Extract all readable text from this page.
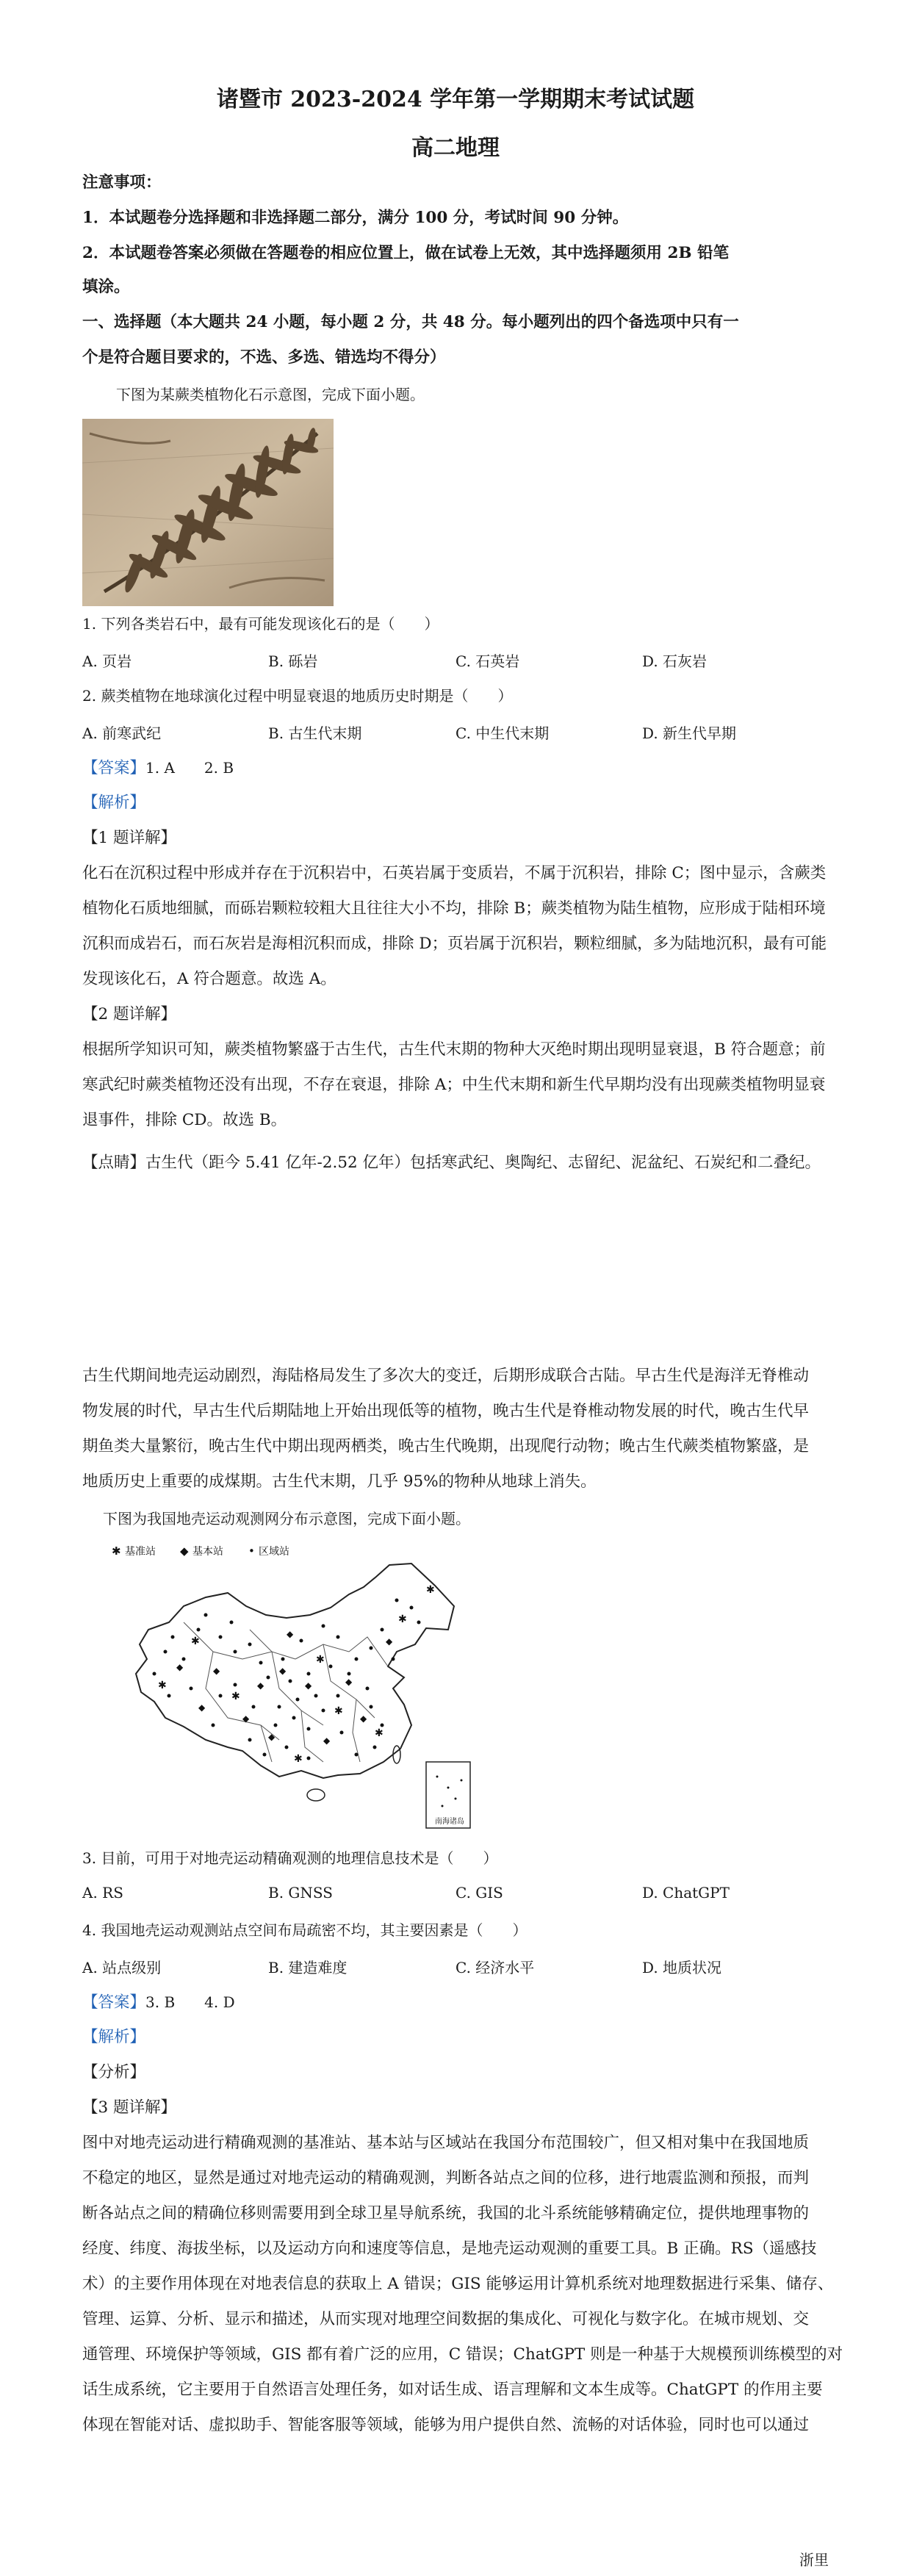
诸暨市 2023-2024 学年第一学期期末考试试题
高二地理
注意事项：
1．本试题卷分选择题和非选择题二部分，满分 100 分，考试时间 90 分钟。
2．本试题卷答案必须做在答题卷的相应位置上，做在试卷上无效，其中选择题须用 2B 铅笔
填涂。
一、选择题（本大题共 24 小题，每小题 2 分，共 48 分。每小题列出的四个备选项中只有一
个是符合题目要求的，不选、多选、错选均不得分）
下图为某蕨类植物化石示意图，完成下面小题。
1. 下列各类岩石中，最有可能发现该化石的是（　　）
A. 页岩	B. 砾岩	C. 石英岩	D. 石灰岩
2. 蕨类植物在地球演化过程中明显衰退的地质历史时期是（　　）
A. 前寒武纪	B. 古生代末期	C. 中生代末期	D. 新生代早期
【答案】1. A　　2. B
【解析】
【1 题详解】
化石在沉积过程中形成并存在于沉积岩中，石英岩属于变质岩，不属于沉积岩，排除 C；图中显示，含蕨类
植物化石质地细腻，而砾岩颗粒较粗大且往往大小不均，排除 B；蕨类植物为陆生植物，应形成于陆相环境
沉积而成岩石，而石灰岩是海相沉积而成，排除 D；页岩属于沉积岩，颗粒细腻，多为陆地沉积，最有可能
发现该化石，A 符合题意。故选 A。
【2 题详解】
根据所学知识可知，蕨类植物繁盛于古生代，古生代末期的物种大灭绝时期出现明显衰退，B 符合题意；前
寒武纪时蕨类植物还没有出现，不存在衰退，排除 A；中生代末期和新生代早期均没有出现蕨类植物明显衰
退事件，排除 CD。故选 B。
【点睛】古生代（距今 5.41 亿年-2.52 亿年）包括寒武纪、奥陶纪、志留纪、泥盆纪、石炭纪和二叠纪。
古生代期间地壳运动剧烈，海陆格局发生了多次大的变迁，后期形成联合古陆。早古生代是海洋无脊椎动
物发展的时代，早古生代后期陆地上开始出现低等的植物，晚古生代是脊椎动物发展的时代，晚古生代早
期鱼类大量繁衍，晚古生代中期出现两栖类，晚古生代晚期，出现爬行动物；晚古生代蕨类植物繁盛，是
地质历史上重要的成煤期。古生代末期，几乎 95%的物种从地球上消失。
下图为我国地壳运动观测网分布示意图，完成下面小题。
✱ 基准站 ◆ 基本站 • 区域站
✱
✱
✱
✱
✱
✱
✱
✱
✱
◆	◆
◆
◆
◆	◆
◆
◆
◆
◆
◆
◆
◆
南海诸岛
3. 目前，可用于对地壳运动精确观测的地理信息技术是（　　）
A. RS	B. GNSS	C. GIS	D. ChatGPT
4. 我国地壳运动观测站点空间布局疏密不均，其主要因素是（　　）
A. 站点级别	B. 建造难度	C. 经济水平	D. 地质状况
【答案】3. B　　4. D
【解析】
【分析】
【3 题详解】
图中对地壳运动进行精确观测的基准站、基本站与区域站在我国分布范围较广，但又相对集中在我国地质
不稳定的地区，显然是通过对地壳运动的精确观测，判断各站点之间的位移，进行地震监测和预报，而判
断各站点之间的精确位移则需要用到全球卫星导航系统，我国的北斗系统能够精确定位，提供地理事物的
经度、纬度、海拔坐标，以及运动方向和速度等信息，是地壳运动观测的重要工具。B 正确。RS（遥感技
术）的主要作用体现在对地表信息的获取上 A 错误；GIS 能够运用计算机系统对地理数据进行采集、储存、
管理、运算、分析、显示和描述，从而实现对地理空间数据的集成化、可视化与数字化。在城市规划、交
通管理、环境保护等领域，GIS 都有着广泛的应用，C 错误；ChatGPT 则是一种基于大规模预训练模型的对
话生成系统，它主要用于自然语言处理任务，如对话生成、语言理解和文本生成等。ChatGPT 的作用主要
体现在智能对话、虚拟助手、智能客服等领域，能够为用户提供自然、流畅的对话体验，同时也可以通过
浙里
